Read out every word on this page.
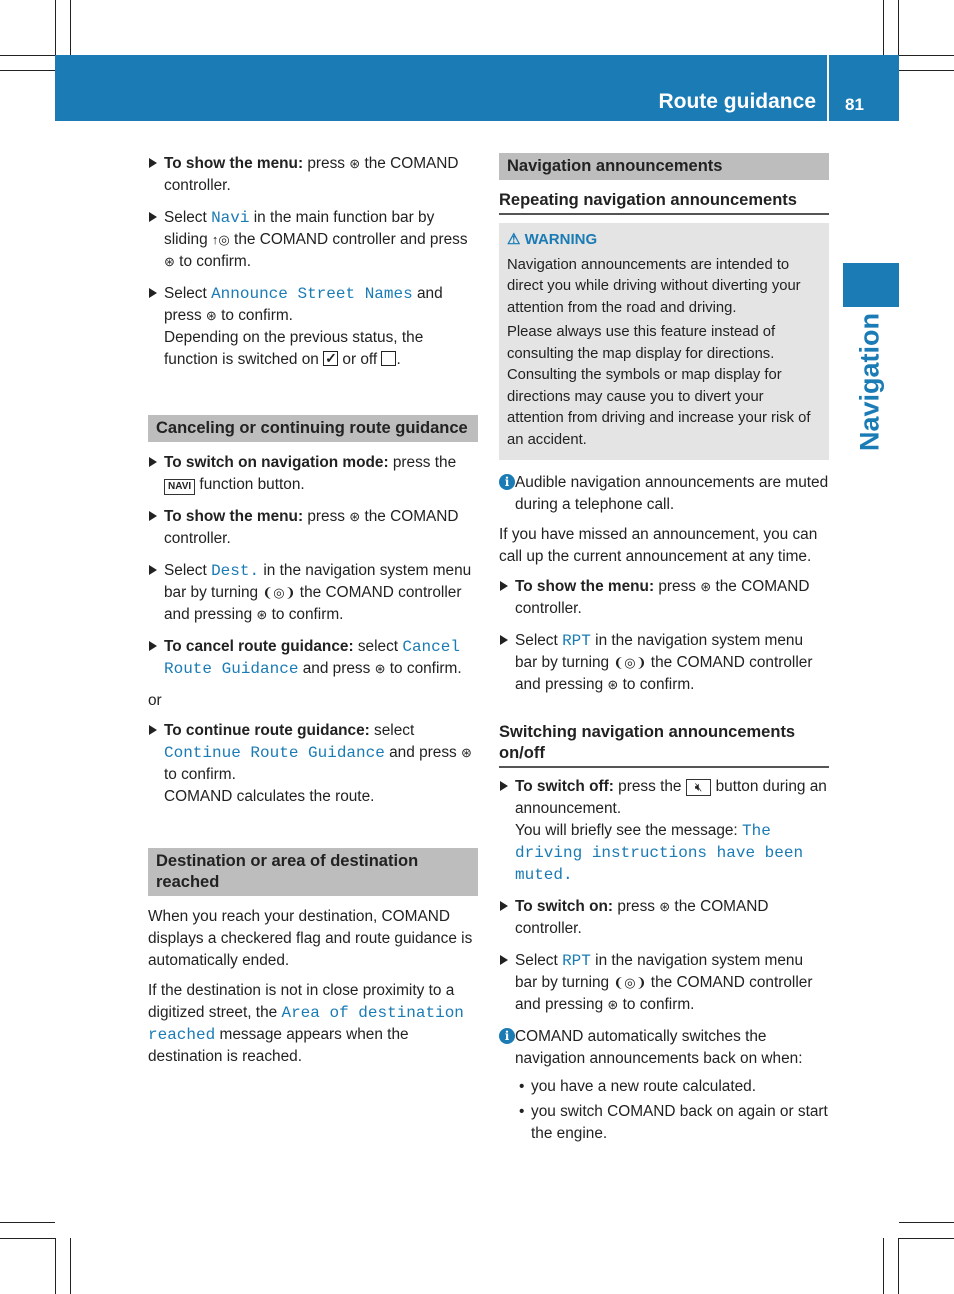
Route guidance 81
Navigation
To show the menu: press ⊛ the COMAND controller.
Select Navi in the main function bar by sliding ↑◎ the COMAND controller and press ⊛ to confirm.
Select Announce Street Names and press ⊛ to confirm.
Depending on the previous status, the function is switched on ✓ or off .
Canceling or continuing route guidance
To switch on navigation mode: press the NAVI function button.
To show the menu: press ⊛ the COMAND controller.
Select Dest. in the navigation system menu bar by turning ❨◎❩ the COMAND controller and pressing ⊛ to confirm.
To cancel route guidance: select Cancel Route Guidance and press ⊛ to confirm.

or

To continue route guidance: select Continue Route Guidance and press ⊛ to confirm.
COMAND calculates the route.
Destination or area of destination reached

When you reach your destination, COMAND displays a checkered flag and route guidance is automatically ended.

If the destination is not in close proximity to a digitized street, the Area of destination reached message appears when the destination is reached.

Navigation announcements
Repeating navigation announcements
⚠ WARNING

Navigation announcements are intended to direct you while driving without diverting your attention from the road and driving.

Please always use this feature instead of consulting the map display for directions. Consulting the symbols or map display for directions may cause you to divert your attention from driving and increase your risk of an accident.

i Audible navigation announcements are muted during a telephone call.

If you have missed an announcement, you can call up the current announcement at any time.

To show the menu: press ⊛ the COMAND controller.
Select RPT in the navigation system menu bar by turning ❨◎❩ the COMAND controller and pressing ⊛ to confirm.
Switching navigation announcements on/off
To switch off: press the 🔇︎ button during an announcement.
You will briefly see the message: The driving instructions have been muted.
To switch on: press ⊛ the COMAND controller.
Select RPT in the navigation system menu bar by turning ❨◎❩ the COMAND controller and pressing ⊛ to confirm.
i COMAND automatically switches the navigation announcements back on when:
• you have a new route calculated.
• you switch COMAND back on again or start the engine.
